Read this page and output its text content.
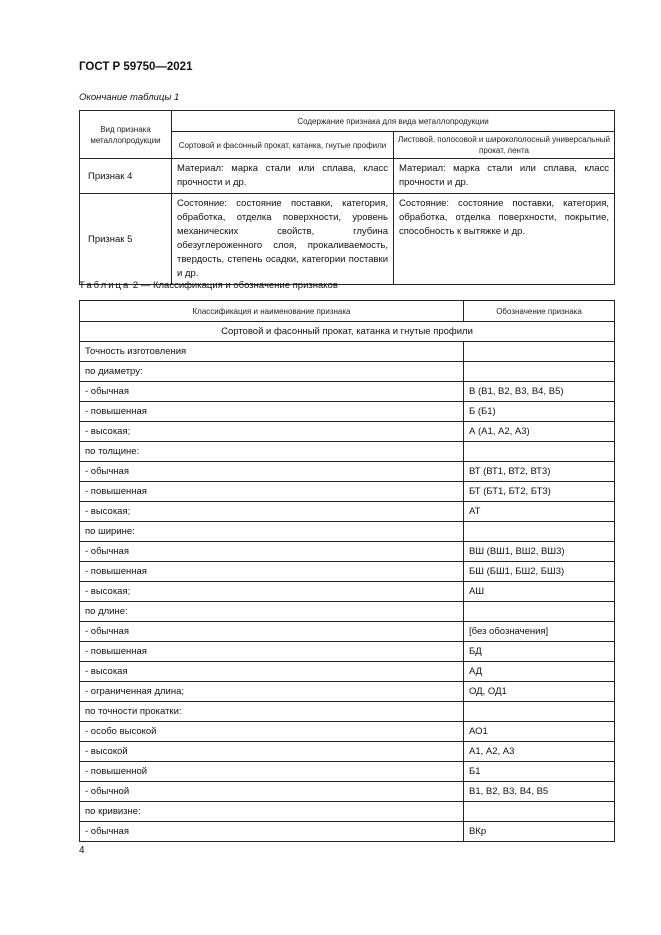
ГОСТ Р 59750—2021
Окончание таблицы 1
Вид признака металлопродукции	Содержание признака для вида металлопродукции	
	Сортовой и фасонный прокат, катанка, гнутые профили	Листовой, полосовой и широкополосный универсальный прокат, лента
Признак 4	Материал: марка стали или сплава, класс прочности и др.	Материал: марка стали или сплава, класс прочности и др.
Признак 5	Состояние: состояние поставки, категория, обработка, отделка поверхности, уровень механических свойств, глубина обезуглероженного слоя, прокаливаемость, твердость, степень осадки, категории поставки и др.	Состояние: состояние поставки, категория, обработка, отделка поверхности, покрытие, способность к вытяжке и др.
Таблица 2 — Классификация и обозначение признаков
Классификация и наименование признака	Обозначение признака
Сортовой и фасонный прокат, катанка и гнутые профили	
Точность изготовления	
по диаметру:	
- обычная	В (В1, В2, В3, В4, В5)
- повышенная	Б (Б1)
- высокая;	А (А1, А2, А3)
по толщине:	
- обычная	ВТ (ВТ1, ВТ2, ВТ3)
- повышенная	БТ (БТ1, БТ2, БТ3)
- высокая;	АТ
по ширине:	
- обычная	ВШ (ВШ1, ВШ2, ВШ3)
- повышенная	БШ (БШ1, БШ2, БШ3)
- высокая;	АШ
по длине:	
- обычная	[без обозначения]
- повышенная	БД
- высокая	АД
- ограниченная длина;	ОД, ОД1
по точности прокатки:	
- особо высокой	АО1
- высокой	А1, А2, А3
- повышенной	Б1
- обычной	В1, В2, В3, В4, В5
по кривизне:	
- обычная	ВКр
4
